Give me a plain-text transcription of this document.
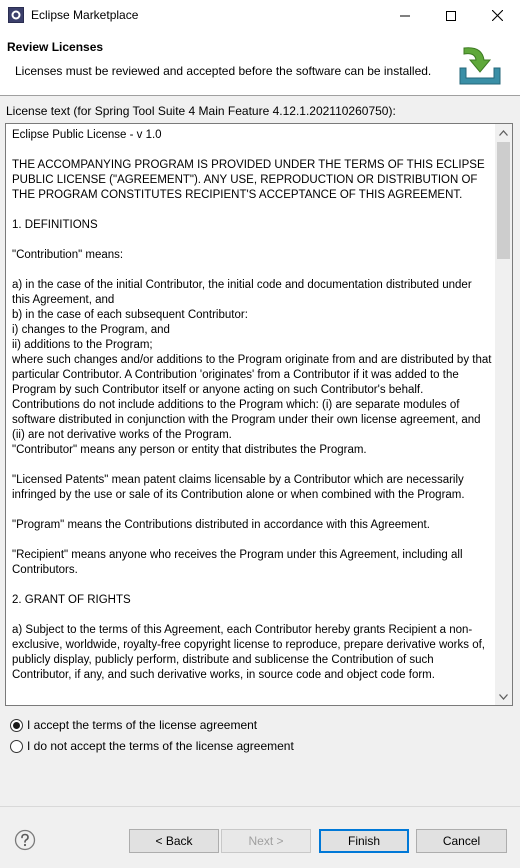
Eclipse Marketplace
Review Licenses
Licenses must be reviewed and accepted before the software can be installed.
License text (for Spring Tool Suite 4 Main Feature 4.12.1.202110260750):
Eclipse Public License - v 1.0

THE ACCOMPANYING PROGRAM IS PROVIDED UNDER THE TERMS OF THIS ECLIPSE PUBLIC LICENSE ("AGREEMENT"). ANY USE, REPRODUCTION OR DISTRIBUTION OF THE PROGRAM CONSTITUTES RECIPIENT'S ACCEPTANCE OF THIS AGREEMENT.

1. DEFINITIONS

"Contribution" means:

a) in the case of the initial Contributor, the initial code and documentation distributed under this Agreement, and
b) in the case of each subsequent Contributor:
i) changes to the Program, and
ii) additions to the Program;
where such changes and/or additions to the Program originate from and are distributed by that particular Contributor. A Contribution 'originates' from a Contributor if it was added to the Program by such Contributor itself or anyone acting on such Contributor's behalf. Contributions do not include additions to the Program which: (i) are separate modules of software distributed in conjunction with the Program under their own license agreement, and (ii) are not derivative works of the Program.
"Contributor" means any person or entity that distributes the Program.

"Licensed Patents" mean patent claims licensable by a Contributor which are necessarily infringed by the use or sale of its Contribution alone or when combined with the Program.

"Program" means the Contributions distributed in accordance with this Agreement.

"Recipient" means anyone who receives the Program under this Agreement, including all Contributors.

2. GRANT OF RIGHTS

a) Subject to the terms of this Agreement, each Contributor hereby grants Recipient a non-exclusive, worldwide, royalty-free copyright license to reproduce, prepare derivative works of, publicly display, publicly perform, distribute and sublicense the Contribution of such Contributor, if any, and such derivative works, in source code and object code form.
I accept the terms of the license agreement
I do not accept the terms of the license agreement
< Back	Next >	Finish	Cancel
